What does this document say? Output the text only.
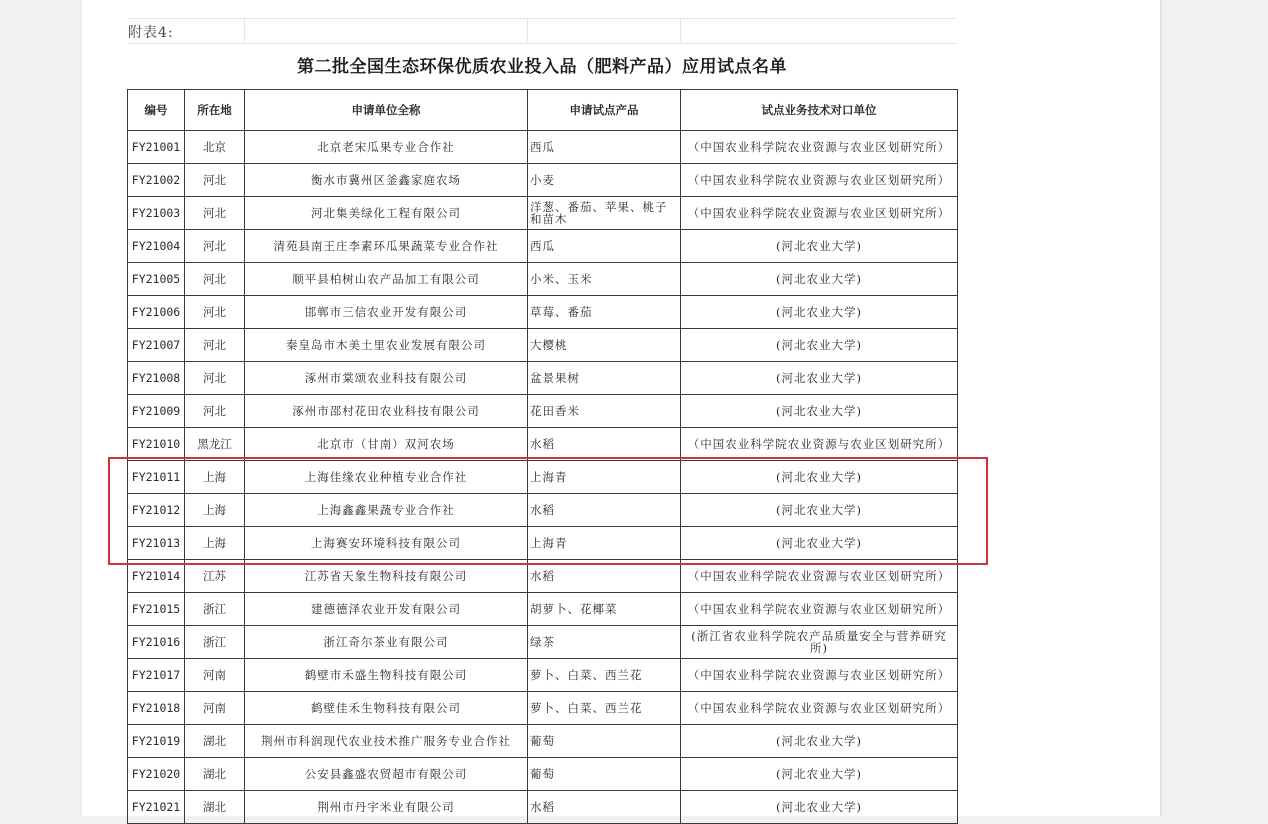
附表4:
第二批全国生态环保优质农业投入品（肥料产品）应用试点名单
编号	所在地	申请单位全称	申请试点产品	试点业务技术对口单位
FY21001	北京	北京老宋瓜果专业合作社	西瓜	（中国农业科学院农业资源与农业区划研究所）
FY21002	河北	衡水市冀州区釜鑫家庭农场	小麦	（中国农业科学院农业资源与农业区划研究所）
FY21003	河北	河北集美绿化工程有限公司	洋葱、番茄、苹果、桃子和苗木	（中国农业科学院农业资源与农业区划研究所）
FY21004	河北	清苑县南王庄李素环瓜果蔬菜专业合作社	西瓜	(河北农业大学)
FY21005	河北	顺平县柏树山农产品加工有限公司	小米、玉米	(河北农业大学)
FY21006	河北	邯郸市三信农业开发有限公司	草莓、番茄	(河北农业大学)
FY21007	河北	秦皇岛市木美土里农业发展有限公司	大樱桃	(河北农业大学)
FY21008	河北	涿州市棠颂农业科技有限公司	盆景果树	(河北农业大学)
FY21009	河北	涿州市邵村花田农业科技有限公司	花田香米	(河北农业大学)
FY21010	黑龙江	北京市（甘南）双河农场	水稻	（中国农业科学院农业资源与农业区划研究所）
FY21011	上海	上海佳缘农业种植专业合作社	上海青	(河北农业大学)
FY21012	上海	上海鑫鑫果蔬专业合作社	水稻	(河北农业大学)
FY21013	上海	上海赛安环境科技有限公司	上海青	(河北农业大学)
FY21014	江苏	江苏省天象生物科技有限公司	水稻	（中国农业科学院农业资源与农业区划研究所）
FY21015	浙江	建德德泽农业开发有限公司	胡萝卜、花椰菜	（中国农业科学院农业资源与农业区划研究所）
FY21016	浙江	浙江奇尔茶业有限公司	绿茶	(浙江省农业科学院农产品质量安全与营养研究所)
FY21017	河南	鹤壁市禾盛生物科技有限公司	萝卜、白菜、西兰花	（中国农业科学院农业资源与农业区划研究所）
FY21018	河南	鹤壁佳禾生物科技有限公司	萝卜、白菜、西兰花	（中国农业科学院农业资源与农业区划研究所）
FY21019	湖北	荆州市科润现代农业技术推广服务专业合作社	葡萄	(河北农业大学)
FY21020	湖北	公安县鑫盛农贸超市有限公司	葡萄	(河北农业大学)
FY21021	湖北	荆州市丹宇米业有限公司	水稻	(河北农业大学)
